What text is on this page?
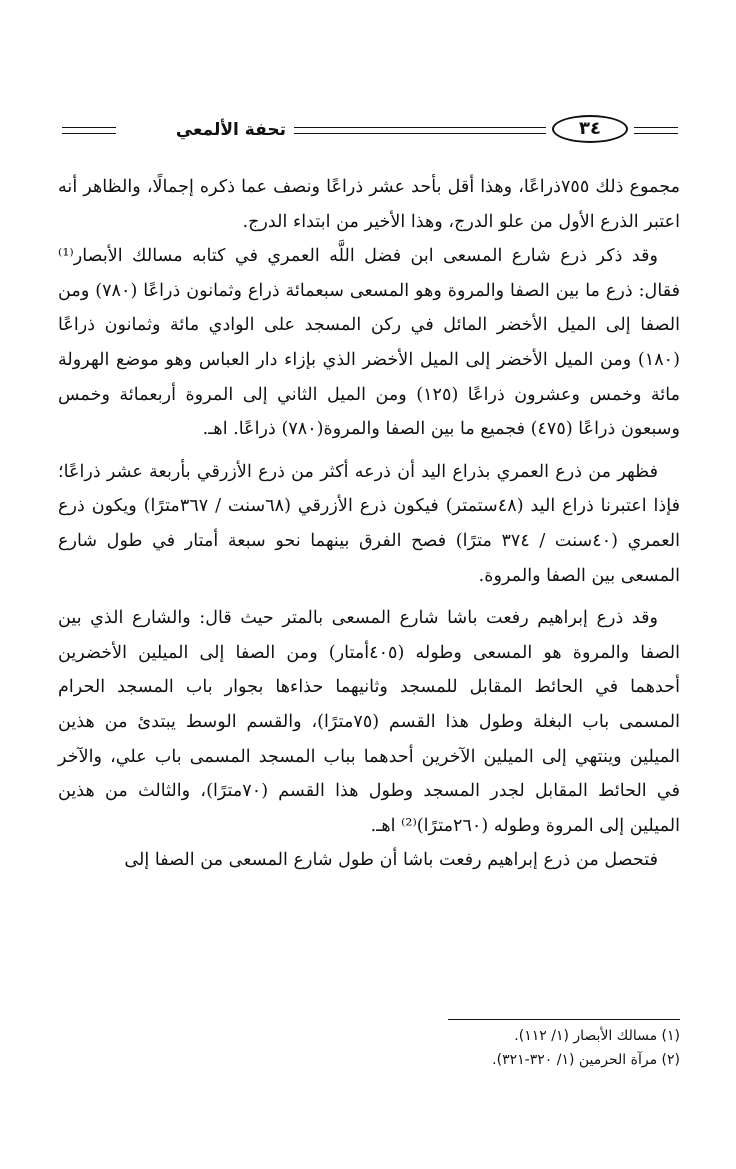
تحفة الألمعي	٣٤

مجموع ذلك ٧٥٥ذراعًا، وهذا أقل بأحد عشر ذراعًا ونصف عما ذكره إجمالًا، والظاهر أنه اعتبر الذرع الأول من علو الدرج، وهذا الأخير من ابتداء الدرج.

وقد ذكر ذرع شارع المسعى ابن فضل اللَّه العمري في كتابه مسالك الأبصار⁽¹⁾ فقال: ذرع ما بين الصفا والمروة وهو المسعى سبعمائة ذراع وثمانون ذراعًا (٧٨٠) ومن الصفا إلى الميل الأخضر المائل في ركن المسجد على الوادي مائة وثمانون ذراعًا (١٨٠) ومن الميل الأخضر إلى الميل الأخضر الذي بإزاء دار العباس وهو موضع الهرولة مائة وخمس وعشرون ذراعًا (١٢٥) ومن الميل الثاني إلى المروة أربعمائة وخمس وسبعون ذراعًا (٤٧٥) فجميع ما بين الصفا والمروة(٧٨٠) ذراعًا. اهـ.

فظهر من ذرع العمري بذراع اليد أن ذرعه أكثر من ذرع الأزرقي بأربعة عشر ذراعًا؛ فإذا اعتبرنا ذراع اليد (٤٨ستمتر) فيكون ذرع الأزرقي (٦٨سنت / ٣٦٧مترًا) ويكون ذرع العمري (٤٠سنت / ٣٧٤ مترًا) فصح الفرق بينهما نحو سبعة أمتار في طول شارع المسعى بين الصفا والمروة.

وقد ذرع إبراهيم رفعت باشا شارع المسعى بالمتر حيث قال: والشارع الذي بين الصفا والمروة هو المسعى وطوله (٤٠٥أمتار) ومن الصفا إلى الميلين الأخضرين أحدهما في الحائط المقابل للمسجد وثانيهما حذاءها بجوار باب المسجد الحرام المسمى باب البغلة وطول هذا القسم (٧٥مترًا)، والقسم الوسط يبتدئ من هذين الميلين وينتهي إلى الميلين الآخرين أحدهما بباب المسجد المسمى باب علي، والآخر في الحائط المقابل لجدر المسجد وطول هذا القسم (٧٠مترًا)، والثالث من هذين الميلين إلى المروة وطوله (٢٦٠مترًا)⁽²⁾ اهـ.

فتحصل من ذرع إبراهيم رفعت باشا أن طول شارع المسعى من الصفا إلى

(١) مسالك الأبصار (١/ ١١٢).
(٢) مرآة الحرمين (١/ ٣٢٠-٣٢١).
